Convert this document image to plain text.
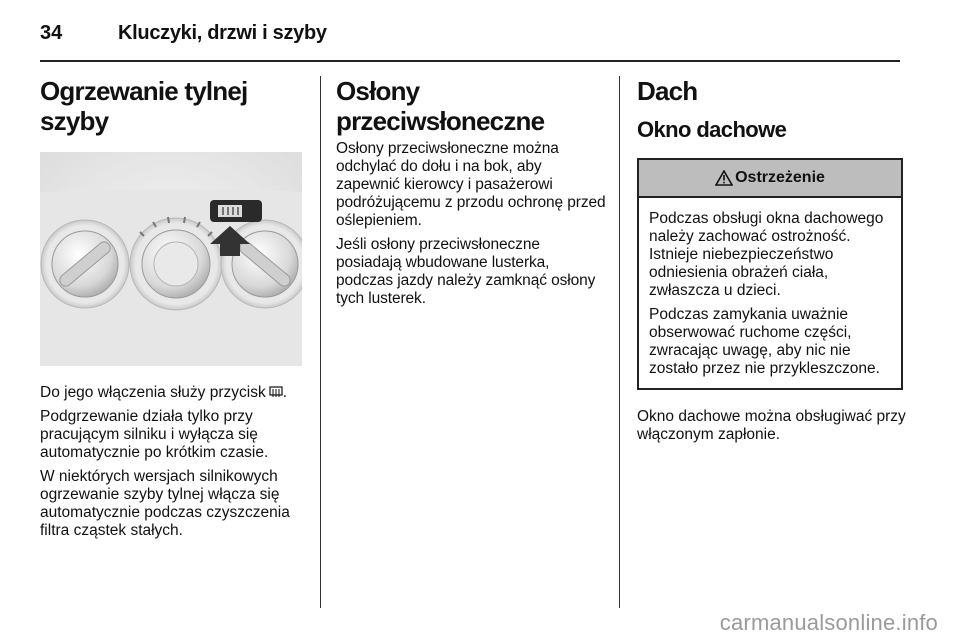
34	Kluczyki, drzwi i szyby
Ogrzewanie tylnej szyby

Do jego włączenia służy przycisk .

Podgrzewanie działa tylko przy pracującym silniku i wyłącza się automatycznie po krótkim czasie.

W niektórych wersjach silnikowych ogrzewanie szyby tylnej włącza się automatycznie podczas czyszczenia filtra cząstek stałych.

Osłony przeciwsłoneczne

Osłony przeciwsłoneczne można odchylać do dołu i na bok, aby zapewnić kierowcy i pasażerowi podróżującemu z przodu ochronę przed oślepieniem.

Jeśli osłony przeciwsłoneczne posiadają wbudowane lusterka, podczas jazdy należy zamknąć osłony tych lusterek.

Dach
Okno dachowe
Ostrzeżenie

Podczas obsługi okna dachowego należy zachować ostrożność. Istnieje niebezpieczeństwo odniesienia obrażeń ciała, zwłaszcza u dzieci.

Podczas zamykania uważnie obserwować ruchome części, zwracając uwagę, aby nic nie zostało przez nie przykleszczone.

Okno dachowe można obsługiwać przy włączonym zapłonie.

carmanualsonline.info
